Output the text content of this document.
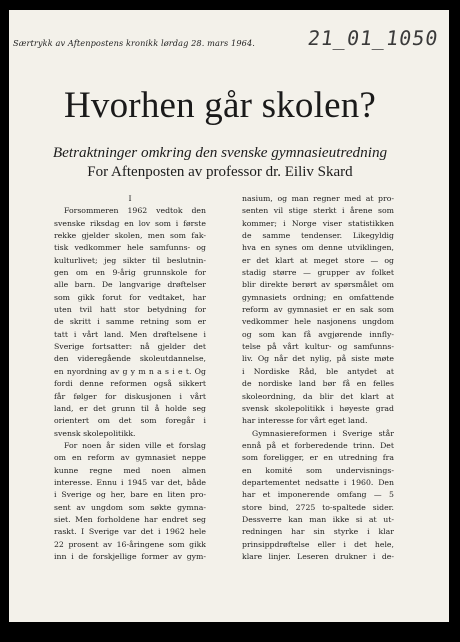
Særtrykk av Aftenpostens kronikk lørdag 28. mars 1964.	21_01_1050
Hvorhen går skolen?
Betraktninger omkring den svenske gymnasieutredning
For Aftenposten av professor dr. Eiliv Skard
I
Forsommeren 1962 vedtok den
svenske riksdag en lov som i første
rekke gjelder skolen, men som fak-
tisk vedkommer hele samfunns- og
kulturlivet; jeg sikter til beslutnin-
gen om en 9-årig grunnskole for
alle barn. De langvarige drøftelser
som gikk forut for vedtaket, har
uten tvil hatt stor betydning for
de skritt i samme retning som er
tatt i vårt land. Men drøftelsene i
Sverige fortsatter: nå gjelder det
den videregående skoleutdannelse,
en nyordning av g y m n a s i e t. Og
fordi denne reformen også sikkert
får følger for diskusjonen i vårt
land, er det grunn til å holde seg
orientert om det som foregår i
svensk skolepolitikk.
For noen år siden ville et forslag
om en reform av gymnasiet neppe
kunne regne med noen almen
interesse. Ennu i 1945 var det, både
i Sverige og her, bare en liten pro-
sent av ungdom som søkte gymna-
siet. Men forholdene har endret seg
raskt. I Sverige var det i 1962 hele
22 prosent av 16-åringene som gikk
inn i de forskjellige former av gym-
nasium, og man regner med at pro-
senten vil stige sterkt i årene som
kommer; i Norge viser statistikken
de samme tendenser. Likegyldig
hva en synes om denne utviklingen,
er det klart at meget store — og
stadig større — grupper av folket
blir direkte berørt av spørsmålet om
gymnasiets ordning; en omfattende
reform av gymnasiet er en sak som
vedkommer hele nasjonens ungdom
og som kan få avgjørende innfly-
telse på vårt kultur- og samfunns-
liv. Og når det nylig, på siste møte
i Nordiske Råd, ble antydet at
de nordiske land bør få en felles
skoleordning, da blir det klart at
svensk skolepolitikk i høyeste grad
har interesse for vårt eget land.
Gymnasiereformen i Sverige står
ennå på et forberedende trinn. Det
som foreligger, er en utredning fra
en komité som undervisnings-
departementet nedsatte i 1960. Den
har et imponerende omfang — 5
store bind, 2725 to-spaltede sider.
Dessverre kan man ikke si at ut-
redningen har sin styrke i klar
prinsippdrøftelse eller i det hele,
klare linjer. Leseren drukner i de-
